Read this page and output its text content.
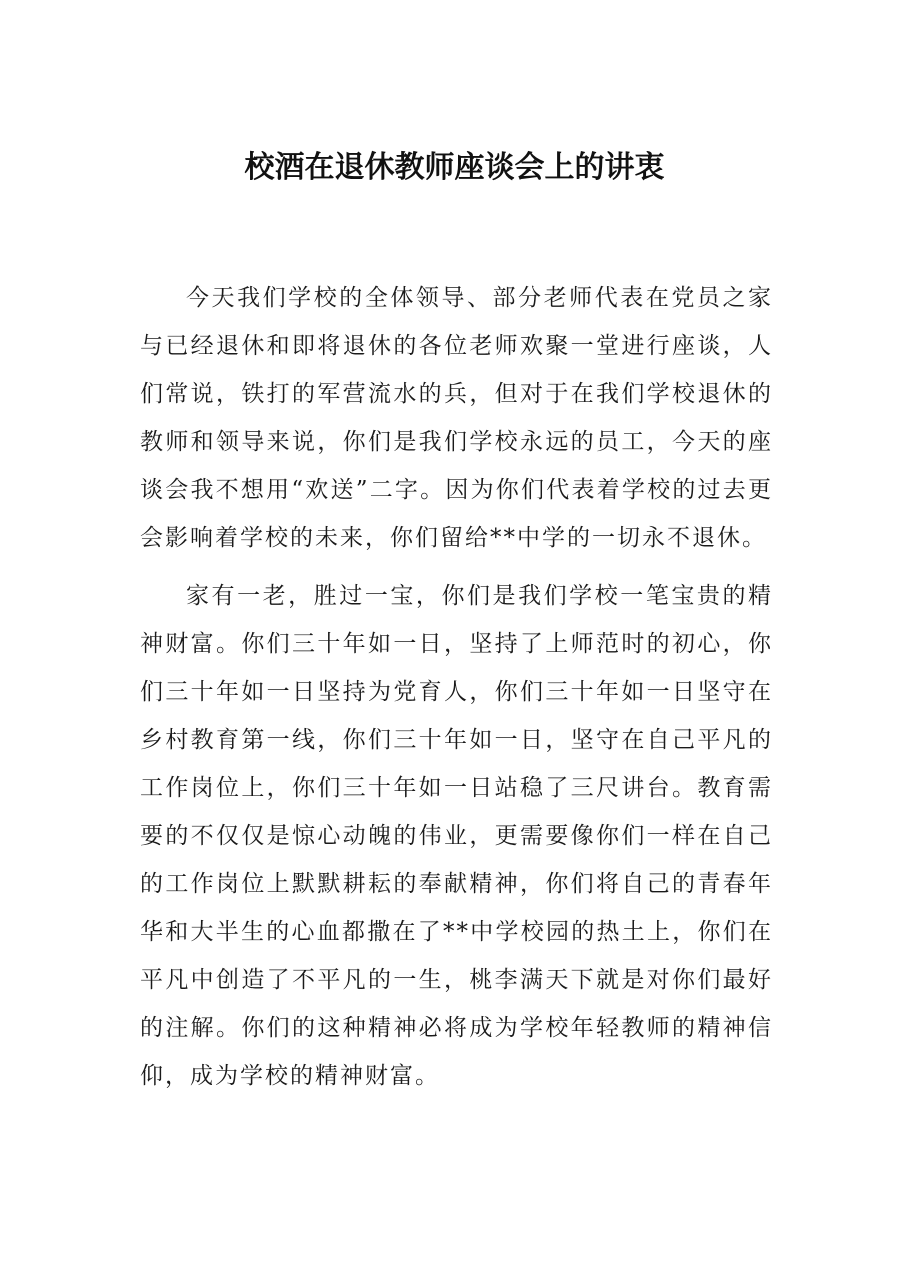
校酒在退休教师座谈会上的讲衷

今天我们学校的全体领导、部分老师代表在党员之家与已经退休和即将退休的各位老师欢聚一堂进行座谈，人们常说，铁打的军营流水的兵，但对于在我们学校退休的教师和领导来说，你们是我们学校永远的员工，今天的座谈会我不想用“欢送”二字。因为你们代表着学校的过去更会影响着学校的未来，你们留给**中学的一切永不退休。

家有一老，胜过一宝，你们是我们学校一笔宝贵的精神财富。你们三十年如一日，坚持了上师范时的初心，你们三十年如一日坚持为党育人，你们三十年如一日坚守在乡村教育第一线，你们三十年如一日，坚守在自己平凡的工作岗位上，你们三十年如一日站稳了三尺讲台。教育需要的不仅仅是惊心动魄的伟业，更需要像你们一样在自己的工作岗位上默默耕耘的奉献精神，你们将自己的青春年华和大半生的心血都撒在了**中学校园的热土上，你们在平凡中创造了不平凡的一生，桃李满天下就是对你们最好的注解。你们的这种精神必将成为学校年轻教师的精神信仰，成为学校的精神财富。
